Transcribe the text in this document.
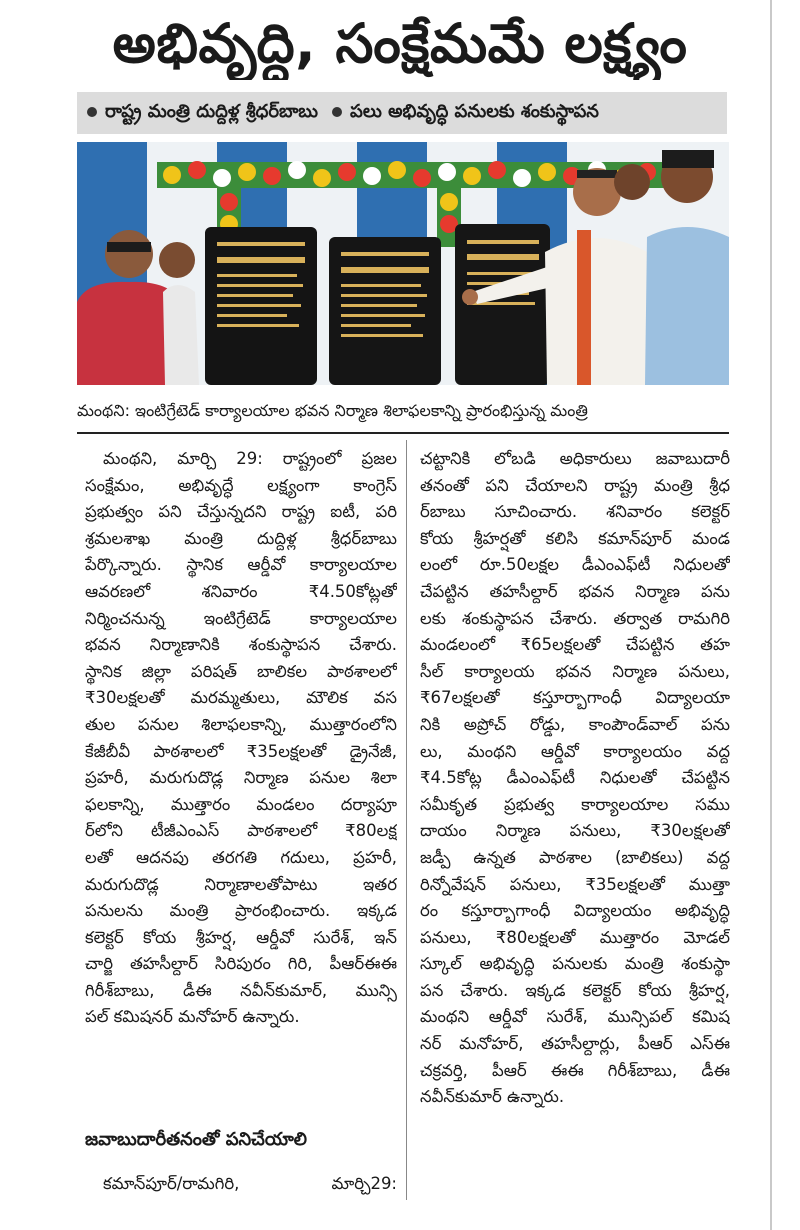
అభివృద్ధి, సంక్షేమమే లక్ష్యం
రాష్ట్ర మంత్రి దుద్దిళ్ల శ్రీధర్‌బాబు	పలు అభివృద్ధి పనులకు శంకుస్థాపన
మంథని: ఇంటిగ్రేటెడ్ కార్యాలయాల భవన నిర్మాణ శిలాఫలకాన్ని ప్రారంభిస్తున్న మంత్రి
మంథని, మార్చి 29: రాష్ట్రంలో ప్రజల
సంక్షేమం, అభివృద్ధే లక్ష్యంగా కాంగ్రెస్
ప్రభుత్వం పని చేస్తున్నదని రాష్ట్ర ఐటీ, పరి
శ్రమలశాఖ మంత్రి దుద్దిళ్ల శ్రీధర్‌బాబు
పేర్కొన్నారు. స్థానిక ఆర్డీవో కార్యాలయాల
ఆవరణలో శనివారం ₹4.50కోట్లతో
నిర్మించనున్న ఇంటిగ్రేటెడ్ కార్యాలయాల
భవన నిర్మాణానికి శంకుస్థాపన చేశారు.
స్థానిక జిల్లా పరిషత్ బాలికల పాఠశాలలో
₹30లక్షలతో మరమ్మతులు, మౌలిక వస
తుల పనుల శిలాఫలకాన్ని, ముత్తారంలోని
కేజీబీవీ పాఠశాలలో ₹35లక్షలతో డ్రైనేజీ,
ప్రహరీ, మరుగుదొడ్ల నిర్మాణ పనుల శిలా
ఫలకాన్ని, ముత్తారం మండలం దర్యాపూ
ర్‌లోని టీజీఎంఎస్ పాఠశాలలో ₹80లక్ష
లతో ఆదనపు తరగతి గదులు, ప్రహరీ,
మరుగుదొడ్ల నిర్మాణాలతోపాటు ఇతర
పనులను మంత్రి ప్రారంభించారు. ఇక్కడ
కలెక్టర్ కోయ శ్రీహర్ష, ఆర్డీవో సురేశ్, ఇన్
చార్జి తహసీల్దార్ సిరిపురం గిరి, పీఆర్‌ఈఈ
గిరీశ్‌బాబు, డీఈ నవీన్‌కుమార్, మున్సి
పల్ కమిషనర్ మనోహర్ ఉన్నారు.
జవాబుదారీతనంతో పనిచేయాలి
కమాన్‌పూర్/రామగిరి, మార్చి29:
చట్టానికి లోబడి అధికారులు జవాబుదారీ
తనంతో పని చేయాలని రాష్ట్ర మంత్రి శ్రీధ
ర్‌బాబు సూచించారు. శనివారం కలెక్టర్
కోయ శ్రీహర్షతో కలిసి కమాన్‌పూర్ మండ
లంలో రూ.50లక్షల డీఎంఎఫ్‌టీ నిధులతో
చేపట్టిన తహసీల్దార్ భవన నిర్మాణ పను
లకు శంకుస్థాపన చేశారు. తర్వాత రామగిరి
మండలంలో ₹65లక్షలతో చేపట్టిన తహ
సీల్ కార్యాలయ భవన నిర్మాణ పనులు,
₹67లక్షలతో కస్తూర్బాగాంధీ విద్యాలయా
నికి అప్రోచ్ రోడ్డు, కాంపౌండ్‌వాల్ పను
లు, మంథని ఆర్డీవో కార్యాలయం వద్ద
₹4.5కోట్ల డీఎంఎఫ్‌టీ నిధులతో చేపట్టిన
సమీకృత ప్రభుత్వ కార్యాలయాల సము
దాయం నిర్మాణ పనులు, ₹30లక్షలతో
జడ్పీ ఉన్నత పాఠశాల (బాలికలు) వద్ద
రిన్నోవేషన్ పనులు, ₹35లక్షలతో ముత్తా
రం కస్తూర్బాగాంధీ విద్యాలయం అభివృద్ధి
పనులు, ₹80లక్షలతో ముత్తారం మోడల్
స్కూల్ అభివృద్ధి పనులకు మంత్రి శంకుస్థా
పన చేశారు. ఇక్కడ కలెక్టర్ కోయ శ్రీహర్ష,
మంథని ఆర్డీవో సురేశ్, మున్సిపల్ కమిష
నర్ మనోహర్, తహసీల్దార్లు, పీఆర్ ఎస్ఈ
చక్రవర్తి, పీఆర్ ఈఈ గిరీశ్‌బాబు, డీఈ
నవీన్‌కుమార్ ఉన్నారు.
